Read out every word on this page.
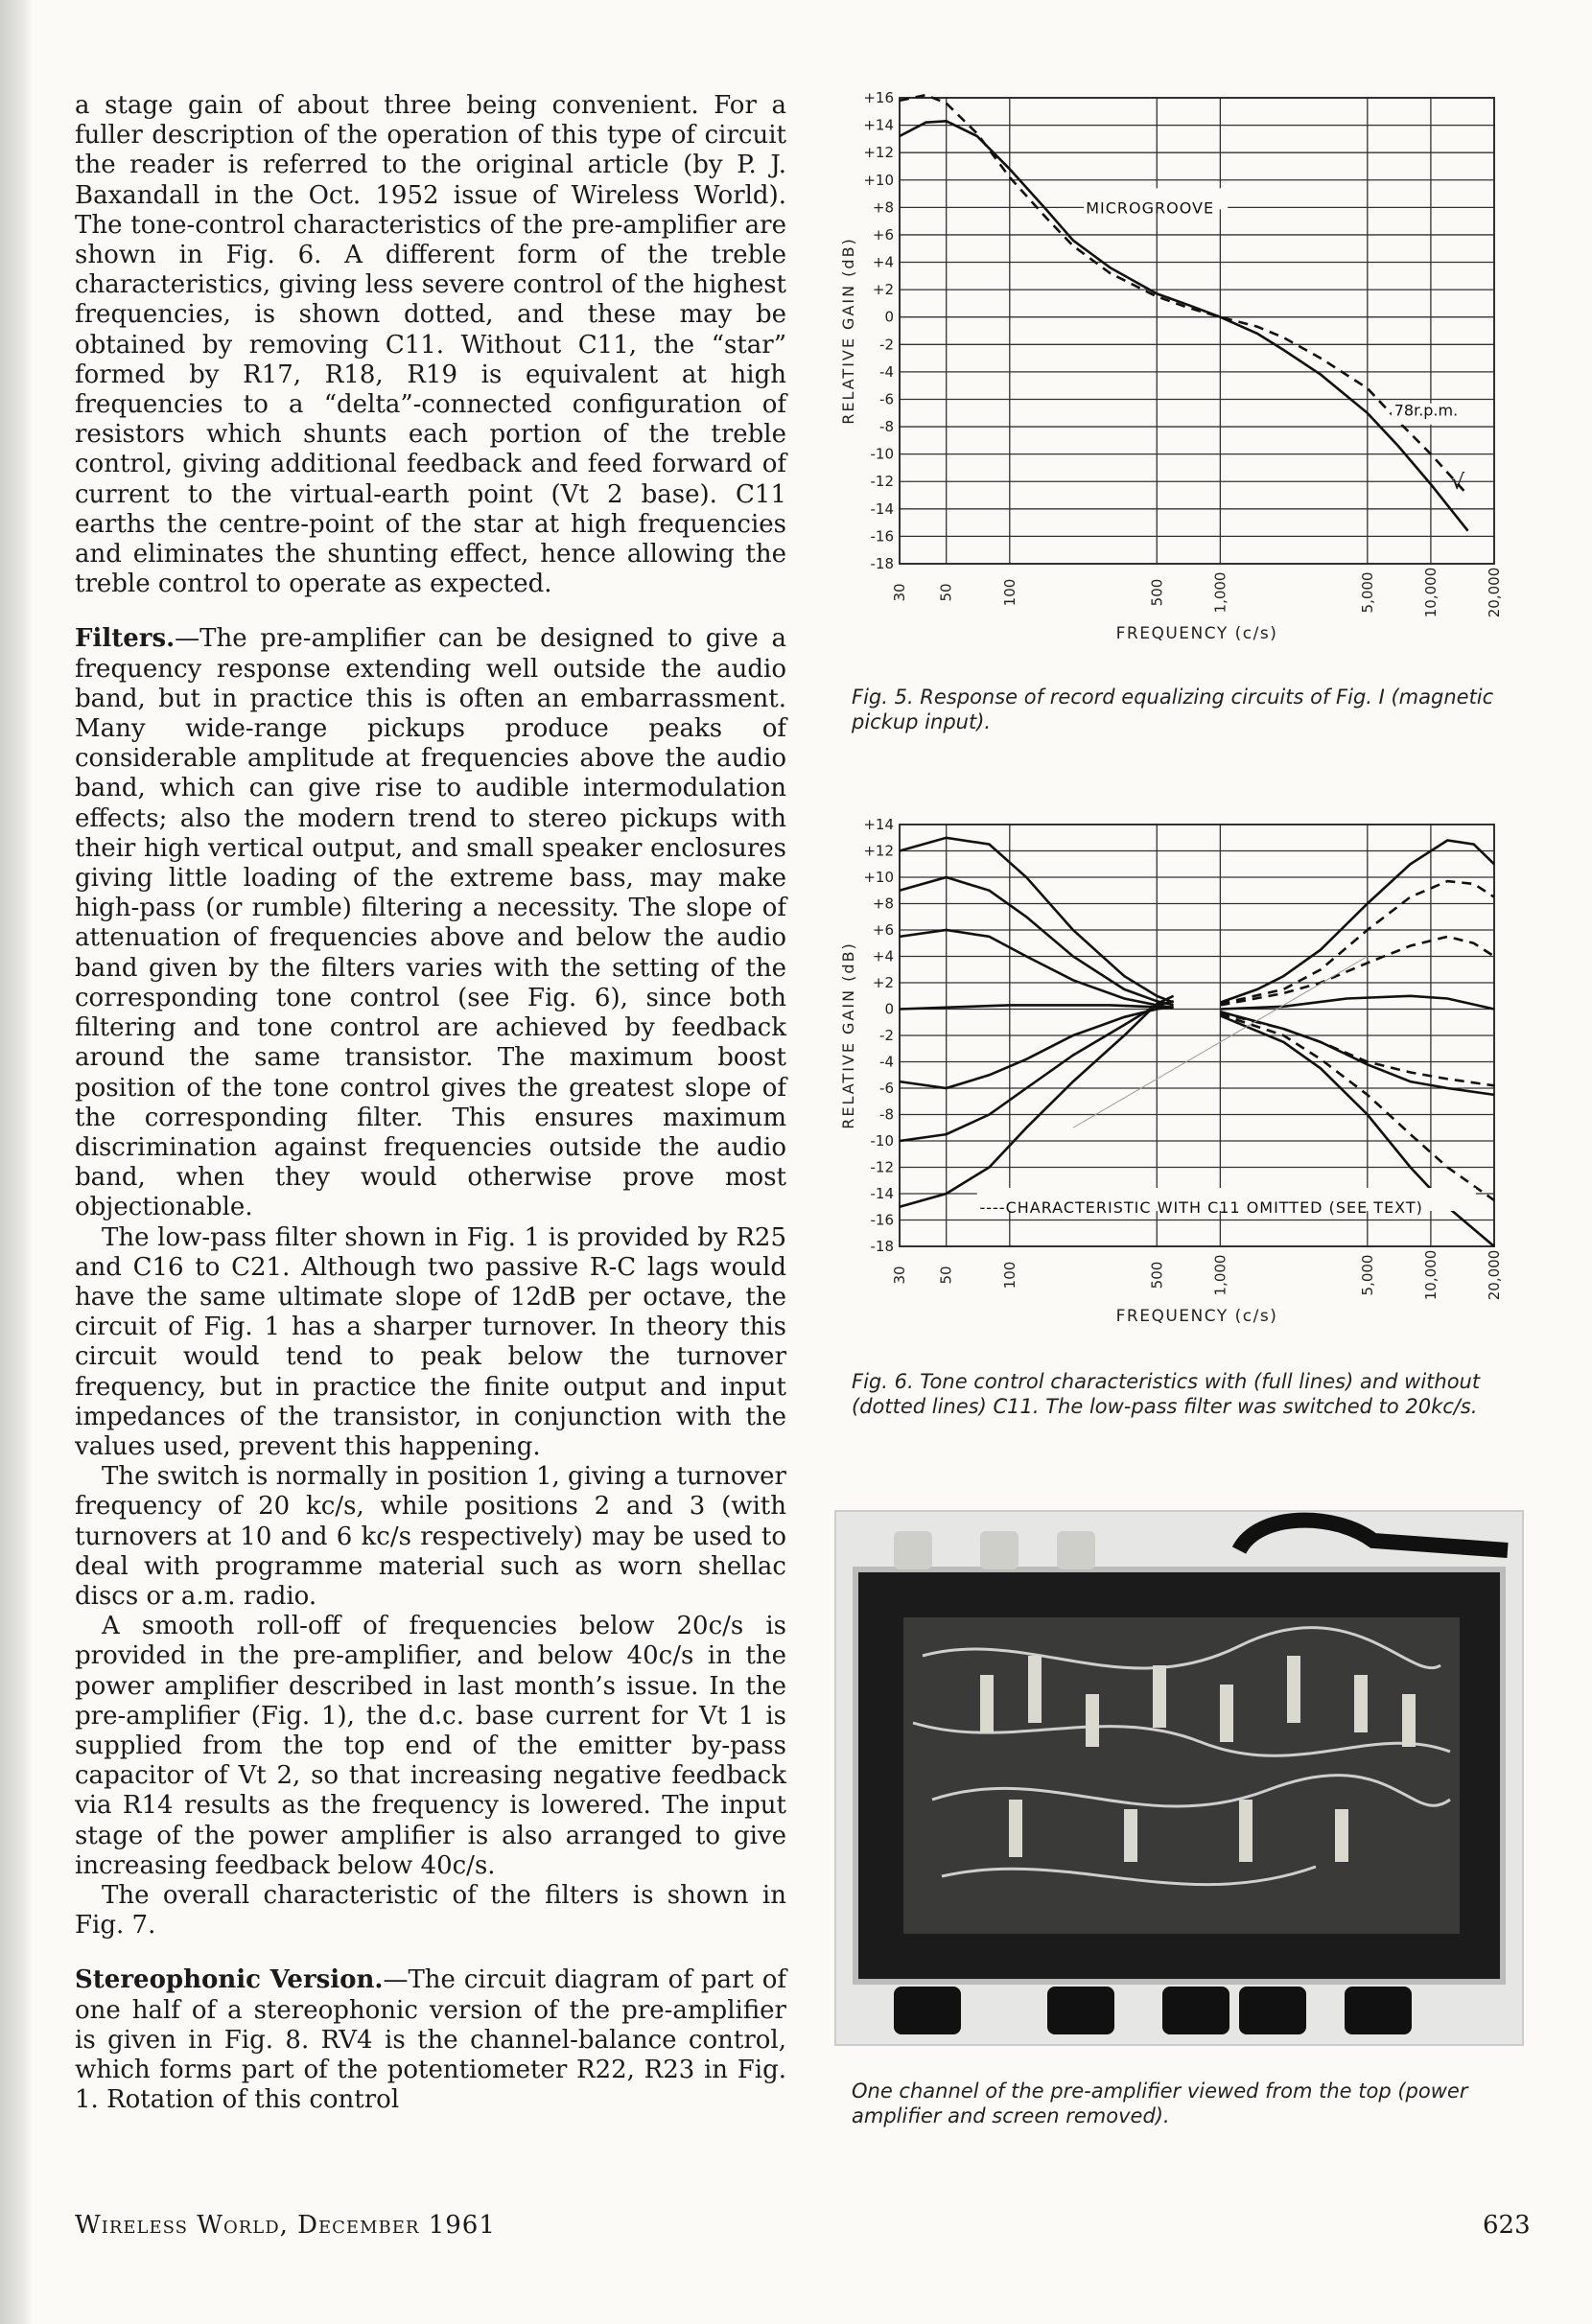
a stage gain of about three being convenient. For a fuller description of the operation of this type of circuit the reader is referred to the original article (by P. J. Baxandall in the Oct. 1952 issue of Wireless World). The tone-control characteristics of the pre-amplifier are shown in Fig. 6. A different form of the treble characteristics, giving less severe control of the highest frequencies, is shown dotted, and these may be obtained by removing C11. Without C11, the “star” formed by R17, R18, R19 is equivalent at high frequencies to a “delta”-connected configuration of resistors which shunts each portion of the treble control, giving additional feedback and feed forward of current to the virtual-earth point (Vt 2 base). C11 earths the centre-point of the star at high frequencies and eliminates the shunting effect, hence allowing the treble control to operate as expected.

Filters.—The pre-amplifier can be designed to give a frequency response extending well outside the audio band, but in practice this is often an embarrassment. Many wide-range pickups produce peaks of considerable amplitude at frequencies above the audio band, which can give rise to audible intermodulation effects; also the modern trend to stereo pickups with their high vertical output, and small speaker enclosures giving little loading of the extreme bass, may make high-pass (or rumble) filtering a necessity. The slope of attenuation of frequencies above and below the audio band given by the filters varies with the setting of the corresponding tone control (see Fig. 6), since both filtering and tone control are achieved by feedback around the same transistor. The maximum boost position of the tone control gives the greatest slope of the corresponding filter. This ensures maximum discrimination against frequencies outside the audio band, when they would otherwise prove most objectionable.

The low-pass filter shown in Fig. 1 is provided by R25 and C16 to C21. Although two passive R-C lags would have the same ultimate slope of 12dB per octave, the circuit of Fig. 1 has a sharper turnover. In theory this circuit would tend to peak below the turnover frequency, but in practice the finite output and input impedances of the transistor, in conjunction with the values used, prevent this happening.

The switch is normally in position 1, giving a turnover frequency of 20 kc/s, while positions 2 and 3 (with turnovers at 10 and 6 kc/s respectively) may be used to deal with programme material such as worn shellac discs or a.m. radio.

A smooth roll-off of frequencies below 20c/s is provided in the pre-amplifier, and below 40c/s in the power amplifier described in last month’s issue. In the pre-amplifier (Fig. 1), the d.c. base current for Vt 1 is supplied from the top end of the emitter by-pass capacitor of Vt 2, so that increasing negative feedback via R14 results as the frequency is lowered. The input stage of the power amplifier is also arranged to give increasing feedback below 40c/s.

The overall characteristic of the filters is shown in Fig. 7.

Stereophonic Version.—The circuit diagram of part of one half of a stereophonic version of the pre-amplifier is given in Fig. 8. RV4 is the channel-balance control, which forms part of the potentiometer R22, R23 in Fig. 1. Rotation of this control

+16
+14
+12
+10
+8
+6
+4
+2
0
-2
-4
-6
-8
-10
-12
-14
-16
-18
30 50	100	500	1,000	5,000	10,000	20,000
RELATIVE GAIN (dB)
FREQUENCY (c/s)
MICROGROOVE
78r.p.m.
√
Fig. 5. Response of record equalizing circuits of Fig. I (magnetic pickup input).
+14
+12
+10
+8
+6
+4
+2
0
-2
-4
-6
-8
-10
-12
-14
-16
-18
30 50	100	500	1,000	5,000	10,000	20,000
RELATIVE GAIN (dB)
FREQUENCY (c/s)
----CHARACTERISTIC WITH C11 OMITTED (SEE TEXT)
Fig. 6. Tone control characteristics with (full lines) and without (dotted lines) C11. The low-pass filter was switched to 20kc/s.
One channel of the pre-amplifier viewed from the top (power amplifier and screen removed).
Wireless World, December 1961	623
